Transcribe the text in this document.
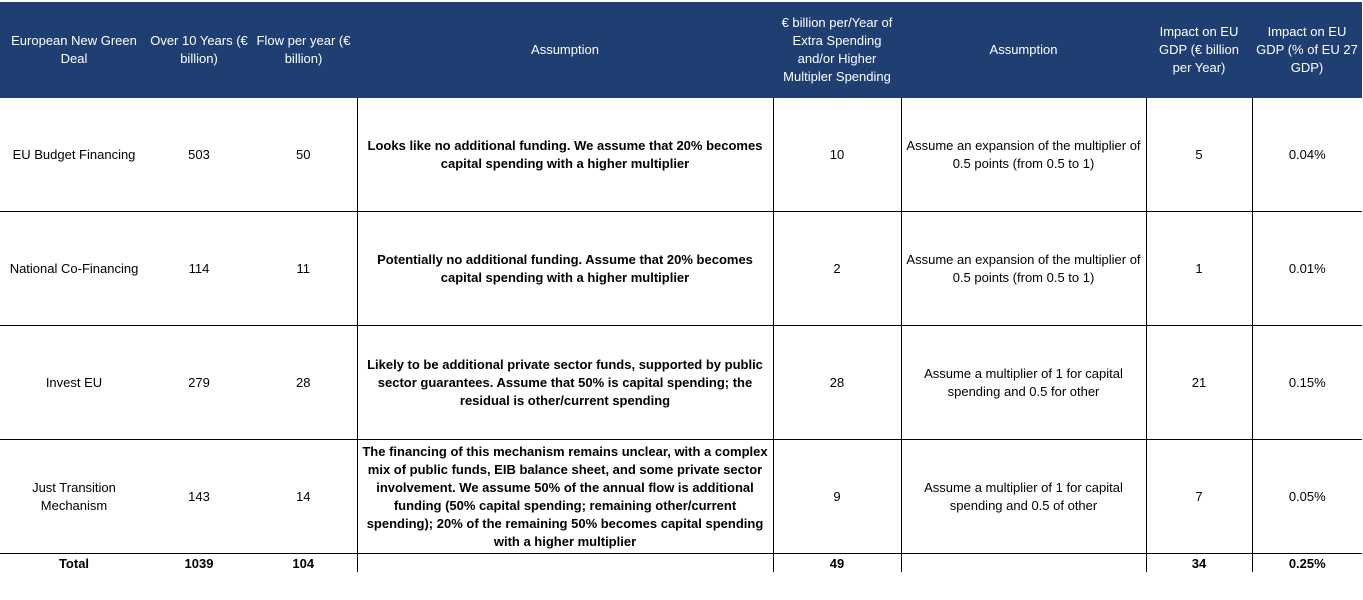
European New Green Deal	Over 10 Years (€ billion)	Flow per year (€ billion)	Assumption	€ billion per/Year of Extra Spending and/or Higher Multipler Spending	Assumption	Impact on EU GDP (€ billion per Year)	Impact on EU GDP (% of EU 27 GDP)
EU Budget Financing	503	50	Looks like no additional funding. We assume that 20% becomes capital spending with a higher multiplier	10	Assume an expansion of the multiplier of 0.5 points (from 0.5 to 1)	5	0.04%
National Co-Financing	114	11	Potentially no additional funding. Assume that 20% becomes capital spending with a higher multiplier	2	Assume an expansion of the multiplier of 0.5 points (from 0.5 to 1)	1	0.01%
Invest EU	279	28	Likely to be additional private sector funds, supported by public sector guarantees. Assume that 50% is capital spending; the residual is other/current spending	28	Assume a multiplier of 1 for capital spending and 0.5 for other	21	0.15%
Just Transition Mechanism	143	14	The financing of this mechanism remains unclear, with a complex mix of public funds, EIB balance sheet, and some private sector involvement. We assume 50% of the annual flow is additional funding (50% capital spending; remaining other/current spending); 20% of the remaining 50% becomes capital spending with a higher multiplier	9	Assume a multiplier of 1 for capital spending and 0.5 of other	7	0.05%
Total	1039	104		49		34	0.25%
